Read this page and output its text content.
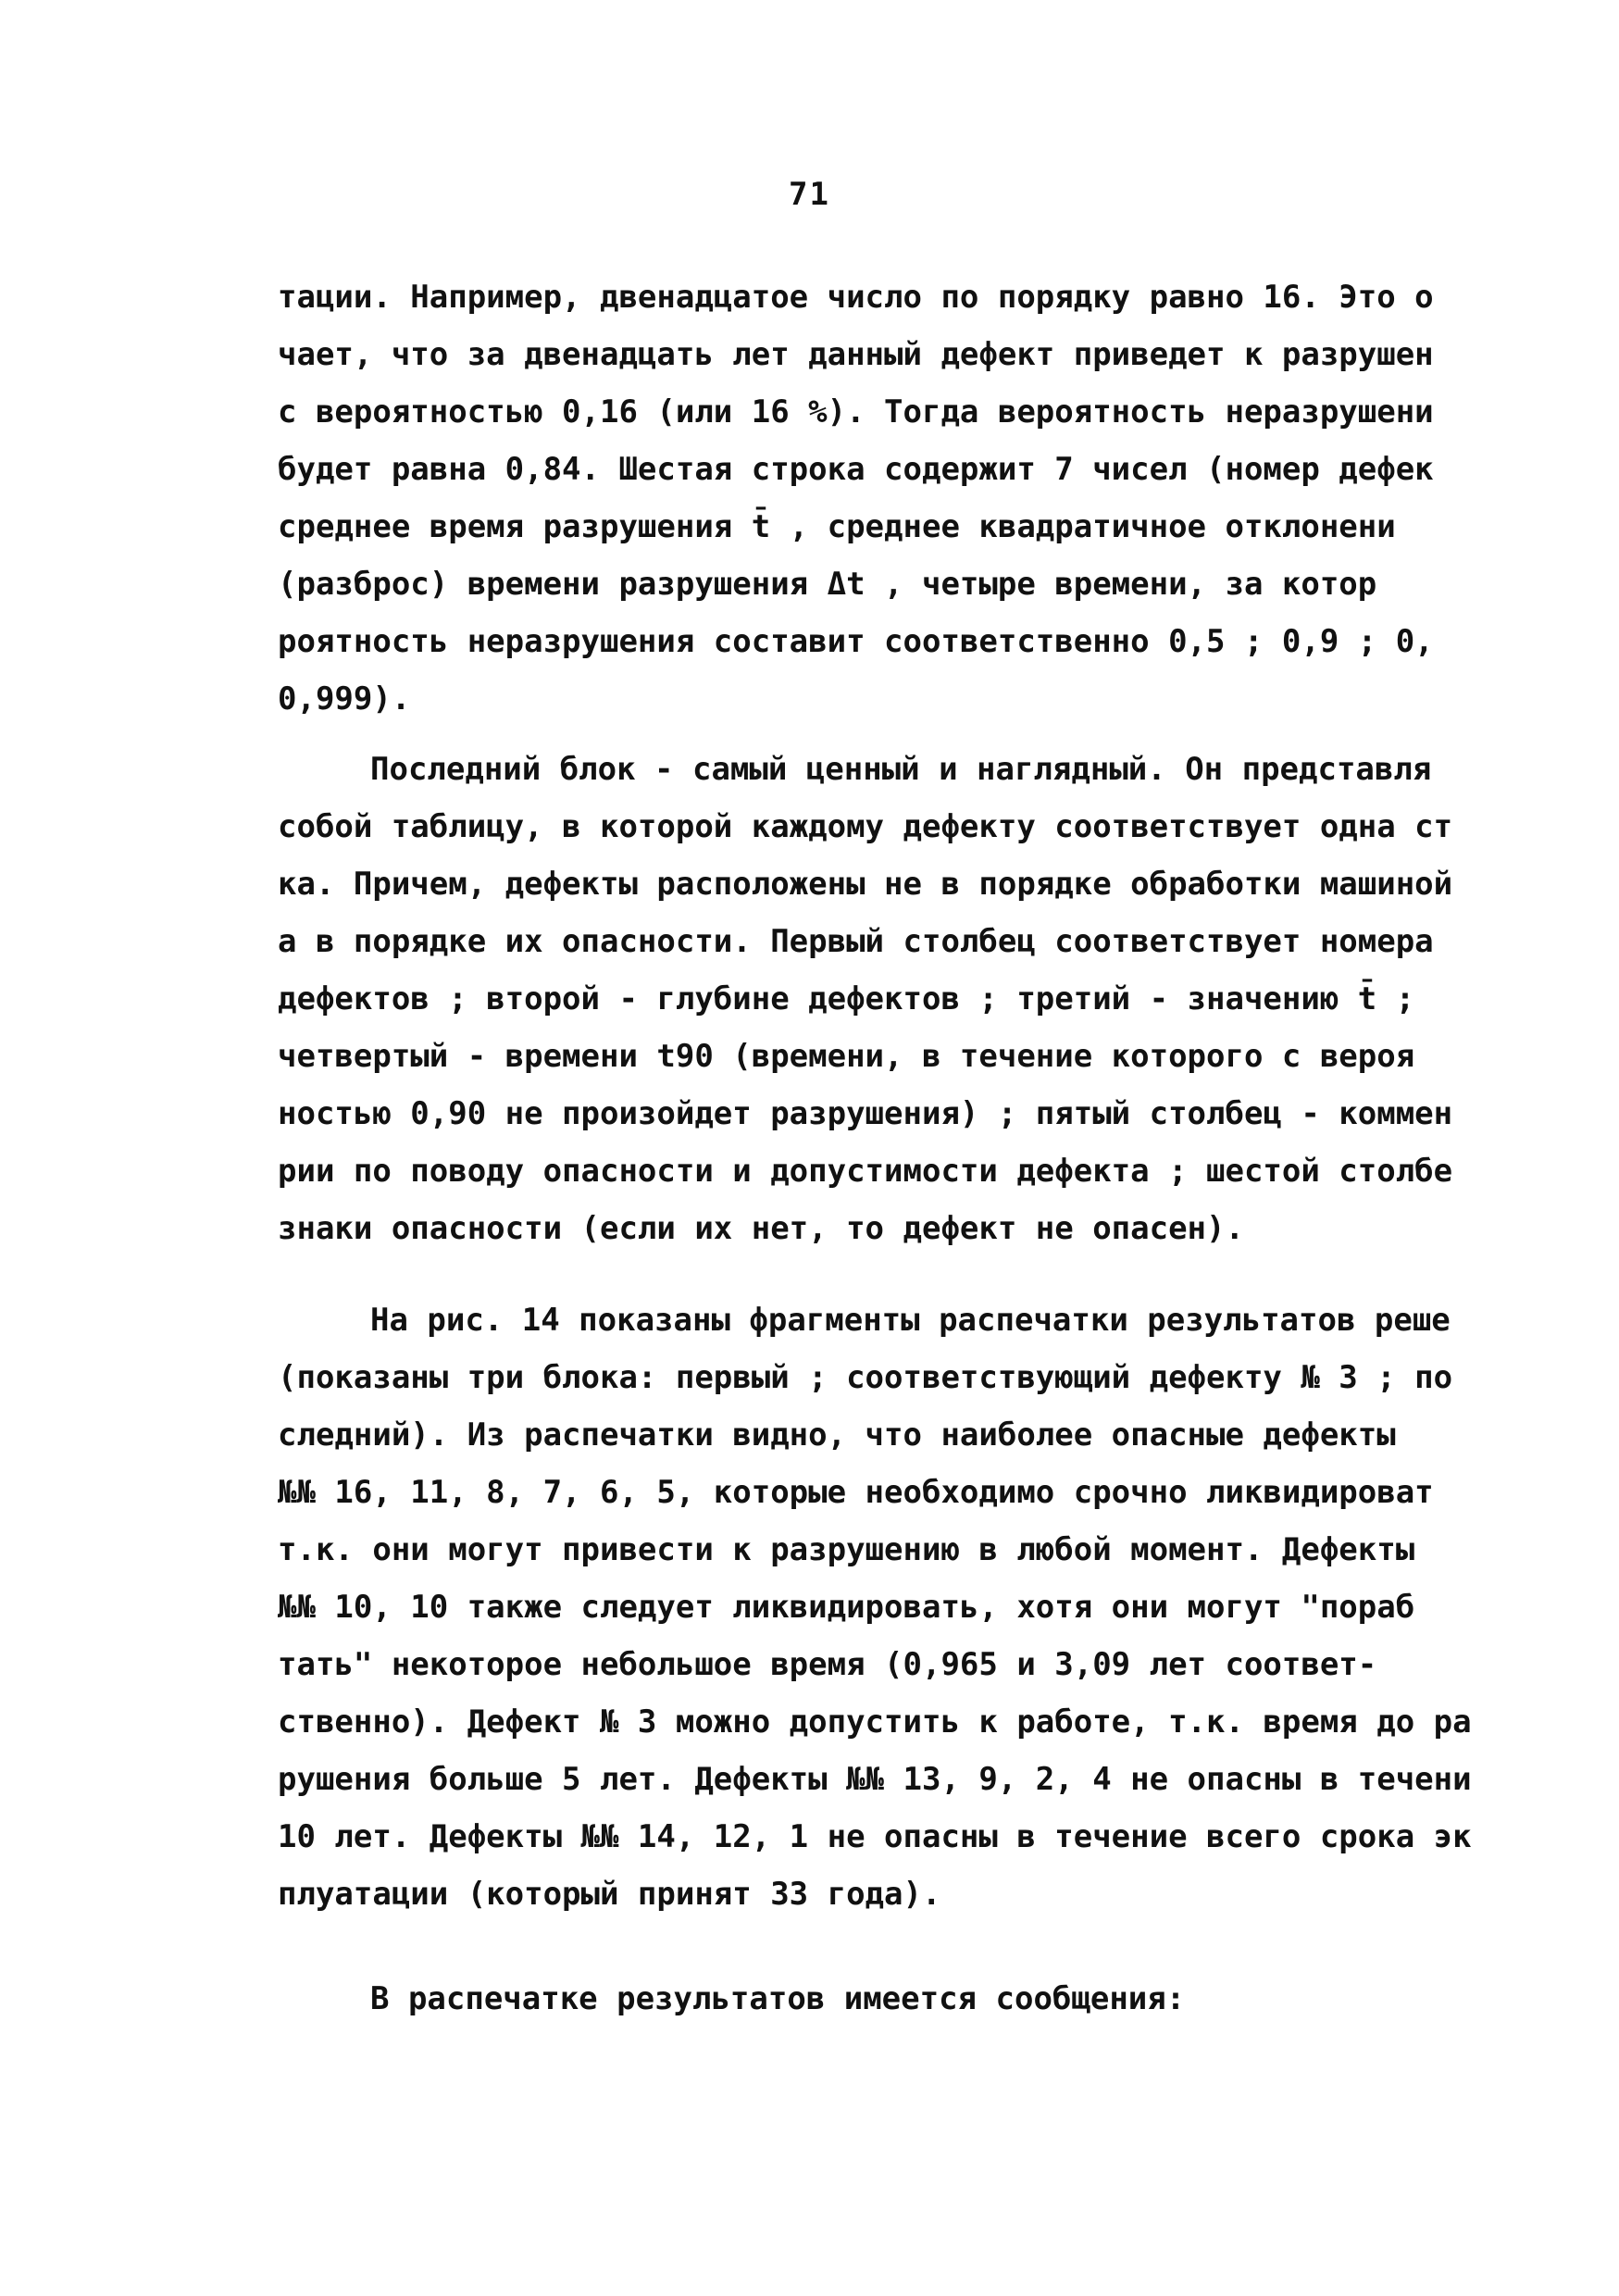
71
тации. Например, двенадцатое число по порядку равно 16. Это о
чает, что за двенадцать лет данный дефект приведет к разрушен
с вероятностью 0,16 (или 16 %). Тогда вероятность неразрушени
будет равна 0,84. Шестая строка содержит 7 чисел (номер дефек
среднее время разрушения t̄ , среднее квадратичное отклонени
(разброс) времени разрушения Δt , четыре времени, за котор
роятность неразрушения составит соответственно 0,5 ; 0,9 ; 0,
0,999).
Последний блок - самый ценный и наглядный. Он представля
собой таблицу, в которой каждому дефекту соответствует одна ст
ка. Причем, дефекты расположены не в порядке обработки машиной
а в порядке их опасности. Первый столбец соответствует номера
дефектов ; второй - глубине дефектов ; третий - значению t̄ ;
четвертый - времени t90 (времени, в течение которого с вероя
ностью 0,90 не произойдет разрушения) ; пятый столбец - коммен
рии по поводу опасности и допустимости дефекта ; шестой столбе
знаки опасности (если их нет, то дефект не опасен).
На рис. 14 показаны фрагменты распечатки результатов реше
(показаны три блока: первый ; соответствующий дефекту № 3 ; по
следний). Из распечатки видно, что наиболее опасные дефекты
№№ 16, 11, 8, 7, 6, 5, которые необходимо срочно ликвидироват
т.к. они могут привести к разрушению в любой момент. Дефекты
№№ 10, 10 также следует ликвидировать, хотя они могут "пораб
тать" некоторое небольшое время (0,965 и 3,09 лет соответ-
ственно). Дефект № 3 можно допустить к работе, т.к. время до ра
рушения больше 5 лет. Дефекты №№ 13, 9, 2, 4 не опасны в течени
10 лет. Дефекты №№ 14, 12, 1 не опасны в течение всего срока эк
плуатации (который принят 33 года).
В распечатке результатов имеется сообщения:
